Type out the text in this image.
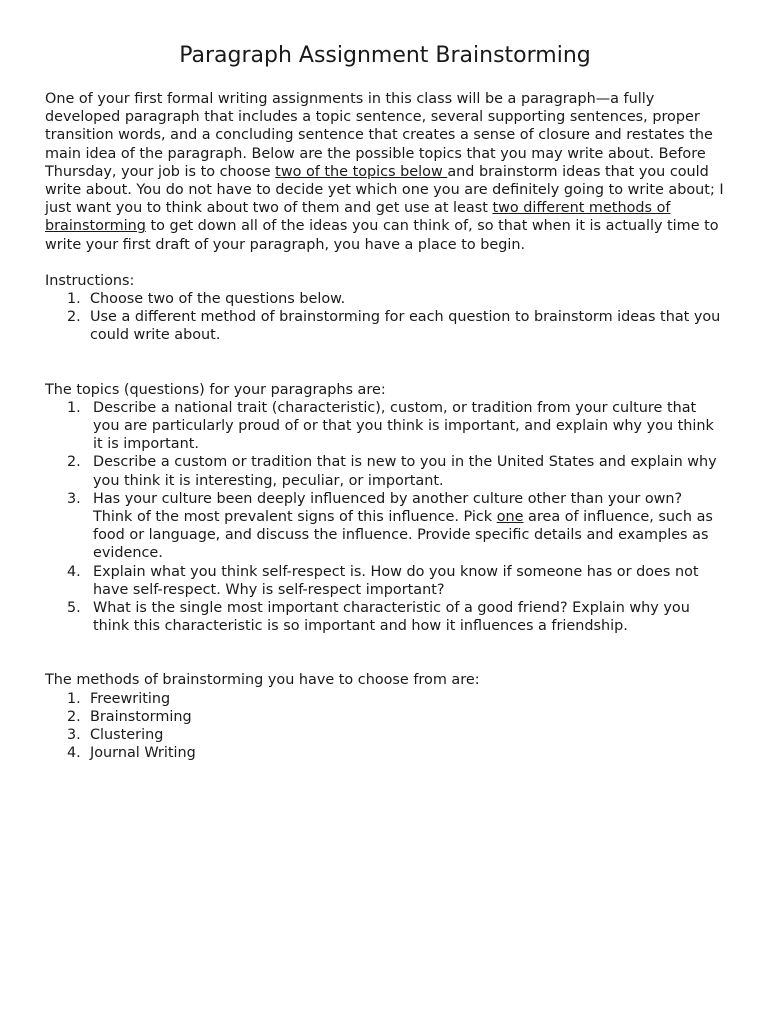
Paragraph Assignment Brainstorming

One of your first formal writing assignments in this class will be a paragraph—a fully developed paragraph that includes a topic sentence, several supporting sentences, proper transition words, and a concluding sentence that creates a sense of closure and restates the main idea of the paragraph. Below are the possible topics that you may write about. Before Thursday, your job is to choose two of the topics below and brainstorm ideas that you could write about. You do not have to decide yet which one you are definitely going to write about; I just want you to think about two of them and get use at least two different methods of brainstorming to get down all of the ideas you can think of, so that when it is actually time to write your first draft of your paragraph, you have a place to begin.

Instructions:

1. Choose two of the questions below.
2. Use a different method of brainstorming for each question to brainstorm ideas that you could write about.

The topics (questions) for your paragraphs are:

1. Describe a national trait (characteristic), custom, or tradition from your culture that you are particularly proud of or that you think is important, and explain why you think it is important.
2. Describe a custom or tradition that is new to you in the United States and explain why you think it is interesting, peculiar, or important.
3. Has your culture been deeply influenced by another culture other than your own? Think of the most prevalent signs of this influence. Pick one area of influence, such as food or language, and discuss the influence. Provide specific details and examples as evidence.
4. Explain what you think self-respect is. How do you know if someone has or does not have self-respect. Why is self-respect important?
5. What is the single most important characteristic of a good friend? Explain why you think this characteristic is so important and how it influences a friendship.

The methods of brainstorming you have to choose from are:

1. Freewriting
2. Brainstorming
3. Clustering
4. Journal Writing
